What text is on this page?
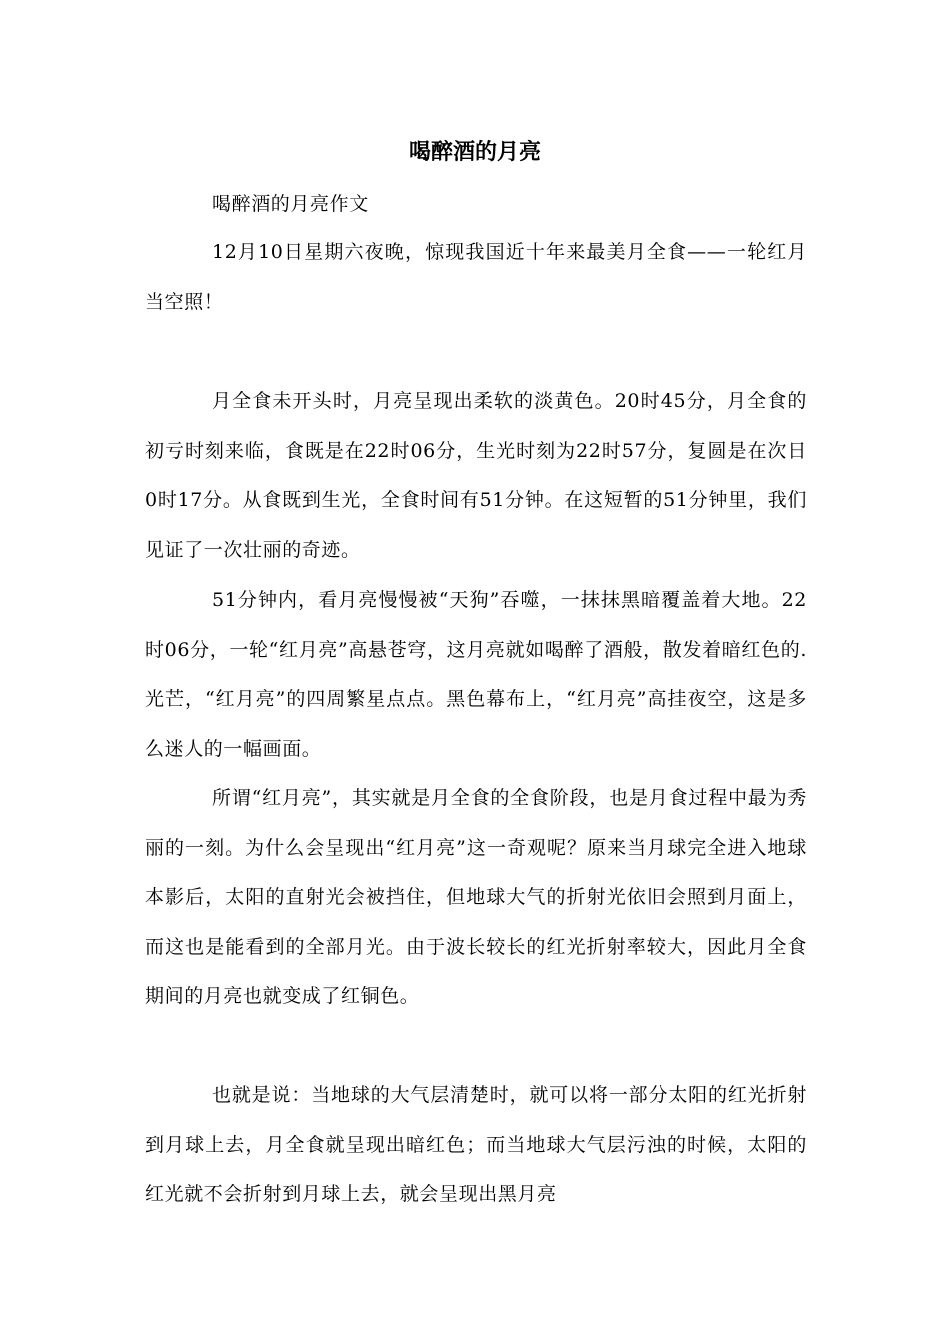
喝醉酒的月亮

喝醉酒的月亮作文

12月10日星期六夜晚，惊现我国近十年来最美月全食——一轮红月当空照！

月全食未开头时，月亮呈现出柔软的淡黄色。20时45分，月全食的初亏时刻来临，食既是在22时06分，生光时刻为22时57分，复圆是在次日0时17分。从食既到生光，全食时间有51分钟。在这短暂的51分钟里，我们见证了一次壮丽的奇迹。

51分钟内，看月亮慢慢被“天狗”吞噬，一抹抹黑暗覆盖着大地。22时06分，一轮“红月亮”高悬苍穹，这月亮就如喝醉了酒般，散发着暗红色的.光芒，“红月亮”的四周繁星点点。黑色幕布上，“红月亮”高挂夜空，这是多么迷人的一幅画面。

所谓“红月亮”，其实就是月全食的全食阶段，也是月食过程中最为秀丽的一刻。为什么会呈现出“红月亮”这一奇观呢？原来当月球完全进入地球本影后，太阳的直射光会被挡住，但地球大气的折射光依旧会照到月面上，而这也是能看到的全部月光。由于波长较长的红光折射率较大，因此月全食期间的月亮也就变成了红铜色。

也就是说：当地球的大气层清楚时，就可以将一部分太阳的红光折射到月球上去，月全食就呈现出暗红色；而当地球大气层污浊的时候，太阳的红光就不会折射到月球上去，就会呈现出黑月亮
